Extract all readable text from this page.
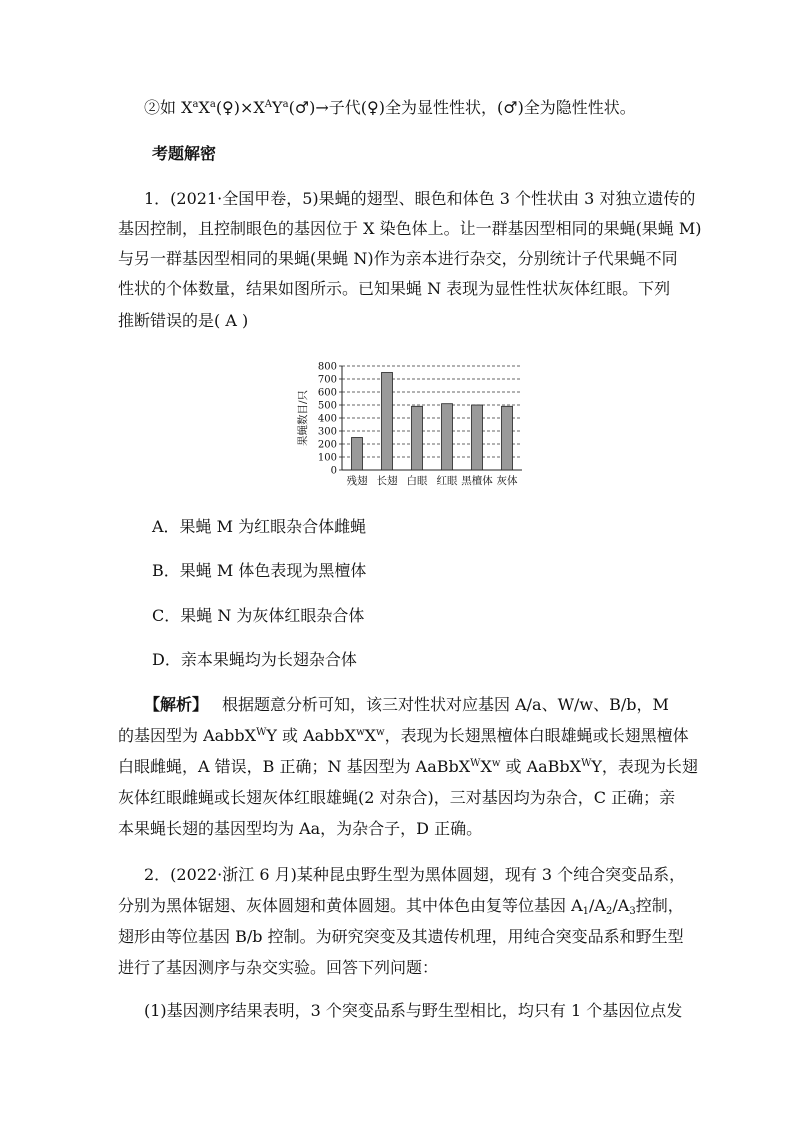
②如 $X^aX^a(♀)\times X^AY^a(♂)\to$子代(♀)全为显性性状，(♂)全为隐性性状。
考题解密
1．(2021·全国甲卷，5)果蝇的翅型、眼色和体色 3 个性状由 3 对独立遗传的
基因控制，且控制眼色的基因位于 X 染色体上。让一群基因型相同的果蝇(果蝇 M)
与另一群基因型相同的果蝇(果蝇 N)作为亲本进行杂交，分别统计子代果蝇不同
性状的个体数量，结果如图所示。已知果蝇 N 表现为显性性状灰体红眼。下列
推断错误的是( A )
0
100
200
300
400
500
600
700
800
残翅 长翅 白眼 红眼 黑檀体 灰体
果蝇数目/只
A．果蝇 M 为红眼杂合体雌蝇
B．果蝇 M 体色表现为黑檀体
C．果蝇 N 为灰体红眼杂合体
D．亲本果蝇均为长翅杂合体
【解析】 根据题意分析可知，该三对性状对应基因 A/a、W/w、B/b，M
的基因型为 AabbX$^W$Y 或 $AabbX^wX^w$，表现为长翅黑檀体白眼雄蝇或长翅黑檀体
白眼雌蝇，A 错误，B 正确；N 基因型为 $AaBbX^WX^w$ 或 AaBbX$^W$Y，表现为长翅
灰体红眼雌蝇或长翅灰体红眼雄蝇(2 对杂合)，三对基因均为杂合，C 正确；亲
本果蝇长翅的基因型均为 Aa，为杂合子，D 正确。
2．(2022·浙江 6 月)某种昆虫野生型为黑体圆翅，现有 3 个纯合突变品系，
分别为黑体锯翅、灰体圆翅和黄体圆翅。其中体色由复等位基因 $A_1/A_2/A_3$控制，
翅形由等位基因 B/b 控制。为研究突变及其遗传机理，用纯合突变品系和野生型
进行了基因测序与杂交实验。回答下列问题：
(1)基因测序结果表明，3 个突变品系与野生型相比，均只有 1 个基因位点发
